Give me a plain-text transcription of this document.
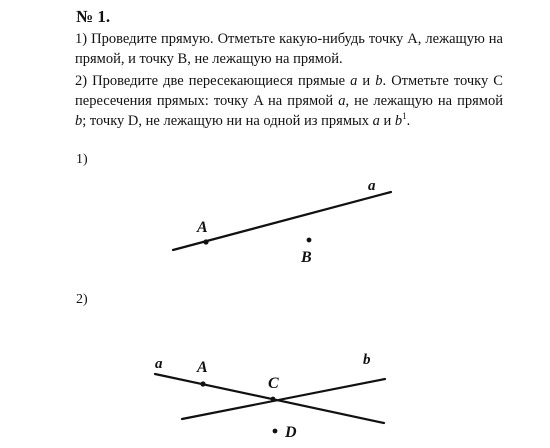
№ 1.

1) Проведите прямую. Отметьте какую-нибудь точку A, лежащую на прямой, и точку B, не лежащую на прямой.

2) Проведите две пересекающиеся прямые a и b. Отметьте точку C пересечения прямых: точку A на прямой a, не лежащую на прямой b; точку D, не лежащую ни на одной из прямых a и $b^1$.

1)
2)
a
A
B
a	b
A
C
D
